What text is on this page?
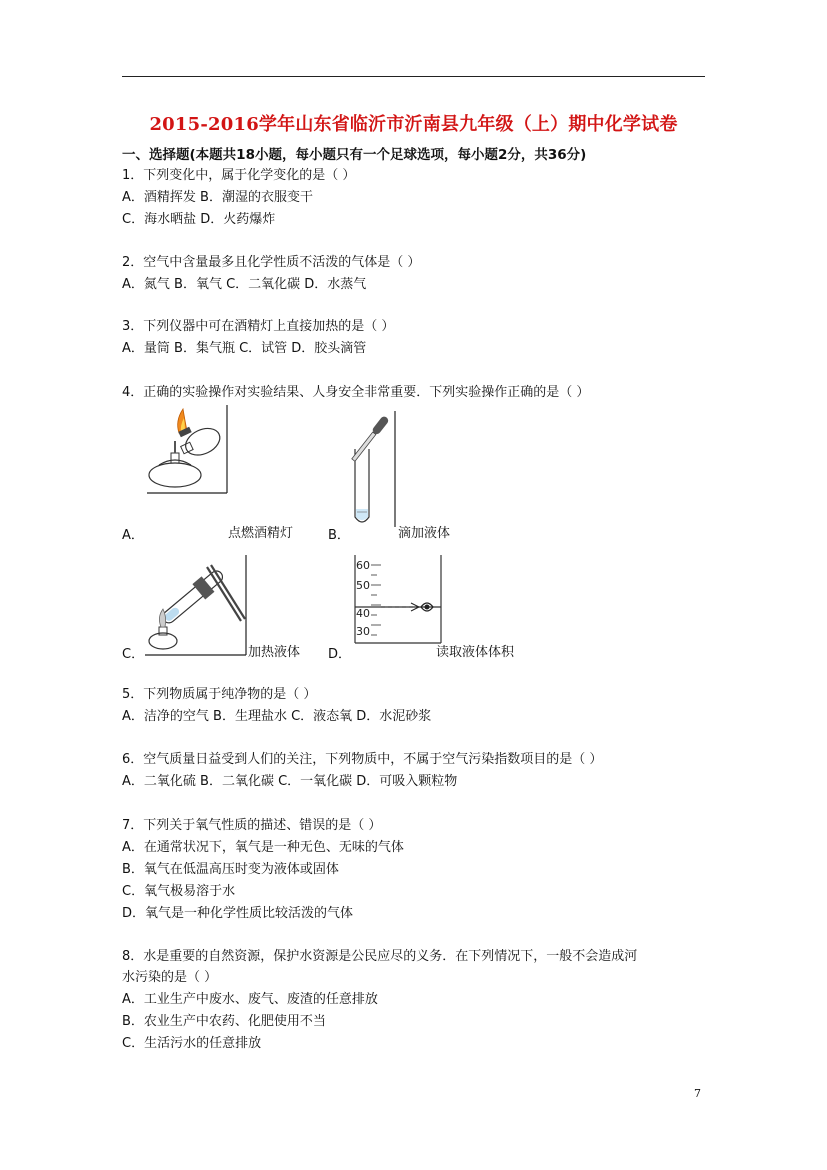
2015-2016学年山东省临沂市沂南县九年级（上）期中化学试卷
一、选择题(本题共18小题，每小题只有一个足球选项，每小题2分，共36分)
1．下列变化中，属于化学变化的是（ ）
A．酒精挥发 B．潮湿的衣服变干
C．海水晒盐 D．火药爆炸
2．空气中含量最多且化学性质不活泼的气体是（ ）
A．氮气 B．氧气 C．二氧化碳 D．水蒸气
3．下列仪器中可在酒精灯上直接加热的是（ ）
A．量筒 B．集气瓶 C．试管 D．胶头滴管
4．正确的实验操作对实验结果、人身安全非常重要．下列实验操作正确的是（ ）
A．	点燃酒精灯	B．	滴加液体
C．	加热液体
60
50
40
30
D．	读取液体体积
5．下列物质属于纯净物的是（ ）
A．洁净的空气 B．生理盐水 C．液态氧 D．水泥砂浆
6．空气质量日益受到人们的关注，下列物质中，不属于空气污染指数项目的是（ ）
A．二氧化硫 B．二氧化碳 C．一氧化碳 D．可吸入颗粒物
7．下列关于氧气性质的描述、错误的是（ ）
A．在通常状况下，氧气是一种无色、无味的气体
B．氧气在低温高压时变为液体或固体
C．氧气极易溶于水
D．氧气是一种化学性质比较活泼的气体
8．水是重要的自然资源，保护水资源是公民应尽的义务．在下列情况下，一般不会造成河
水污染的是（ ）
A．工业生产中废水、废气、废渣的任意排放
B．农业生产中农药、化肥使用不当
C．生活污水的任意排放
7
